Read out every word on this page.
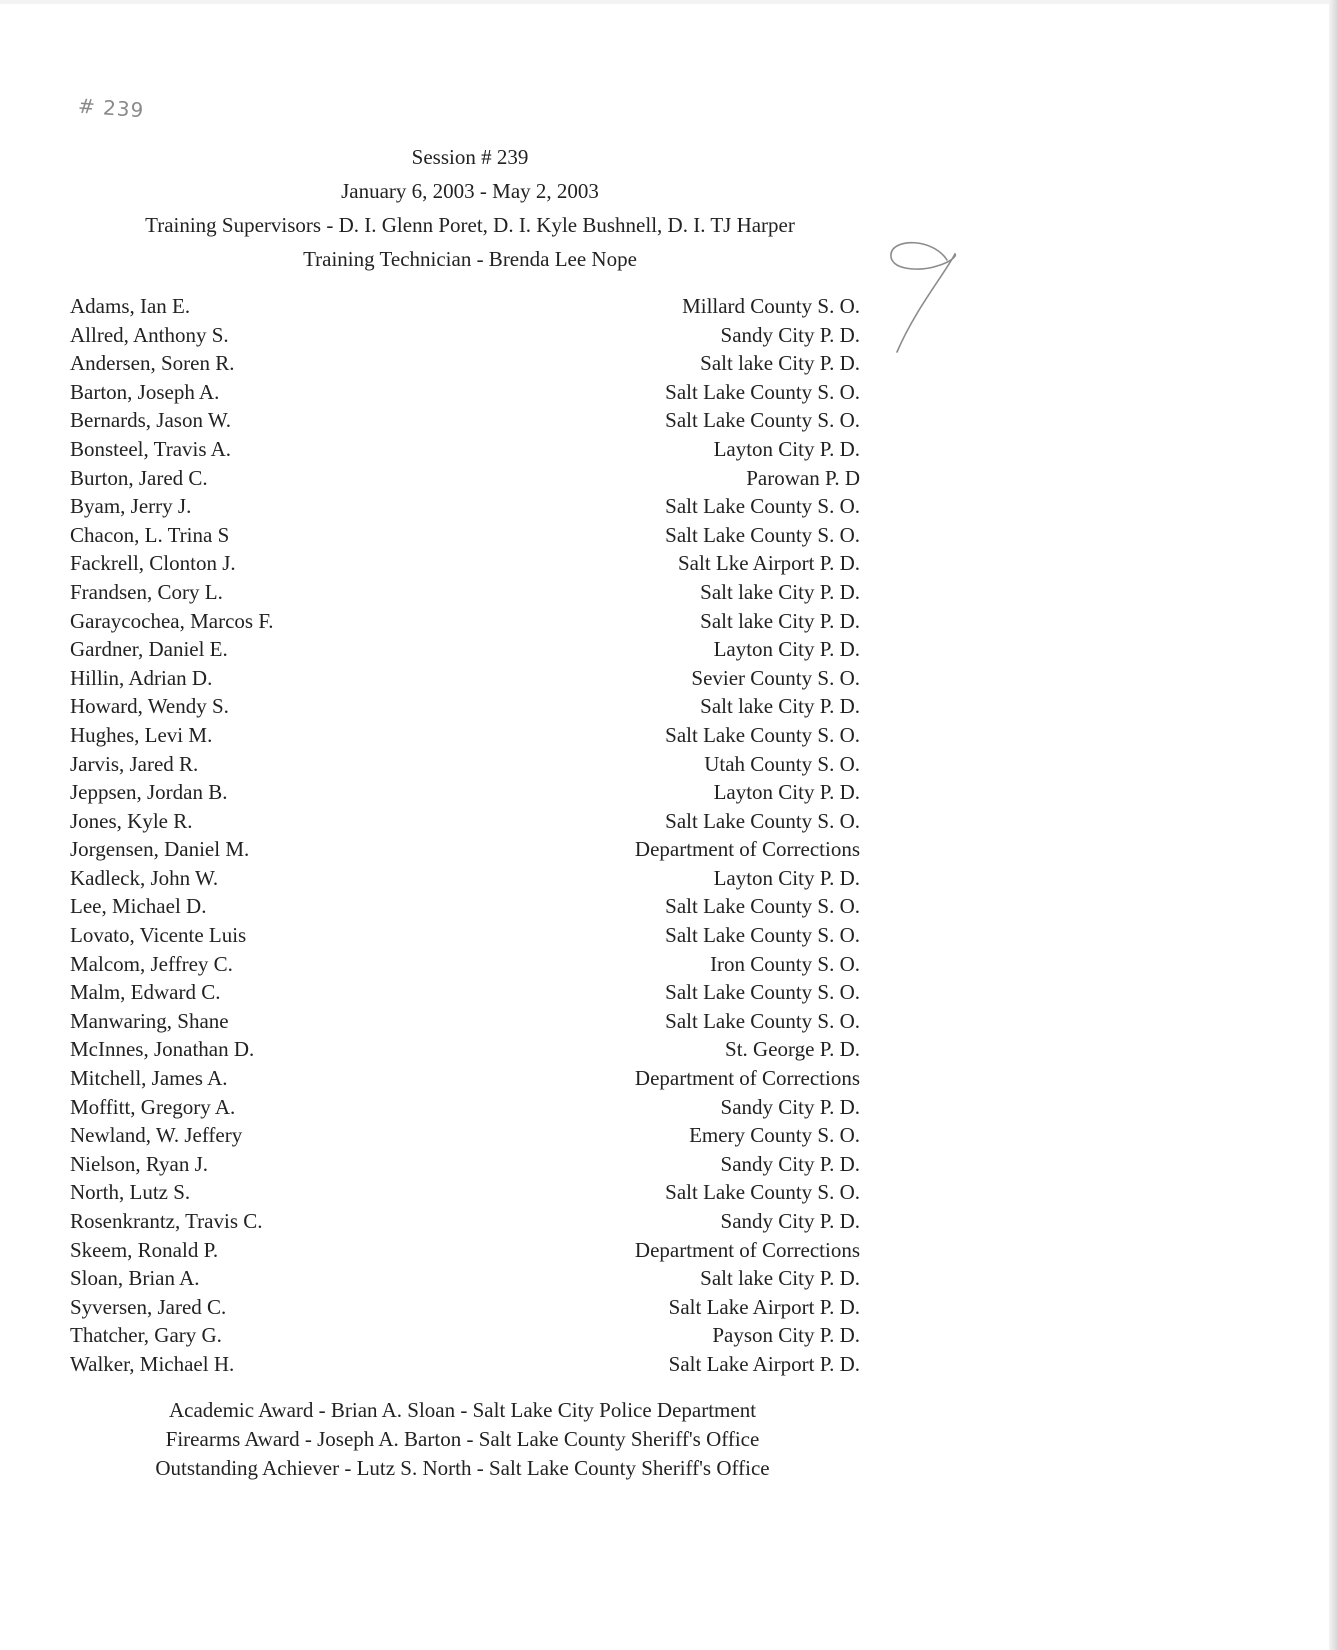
# 239
Session # 239
January 6, 2003 - May 2, 2003
Training Supervisors - D. I. Glenn Poret, D. I. Kyle Bushnell, D. I. TJ Harper
Training Technician - Brenda Lee Nope
Adams, Ian E.	Millard County S. O.
Allred, Anthony S.	Sandy City P. D.
Andersen, Soren R.	Salt lake City P. D.
Barton, Joseph A.	Salt Lake County S. O.
Bernards, Jason W.	Salt Lake County S. O.
Bonsteel, Travis A.	Layton City P. D.
Burton, Jared C.	Parowan P. D
Byam, Jerry J.	Salt Lake County S. O.
Chacon, L. Trina S	Salt Lake County S. O.
Fackrell, Clonton J.	Salt Lke Airport P. D.
Frandsen, Cory L.	Salt lake City P. D.
Garaycochea, Marcos F.	Salt lake City P. D.
Gardner, Daniel E.	Layton City P. D.
Hillin, Adrian D.	Sevier County S. O.
Howard, Wendy S.	Salt lake City P. D.
Hughes, Levi M.	Salt Lake County S. O.
Jarvis, Jared R.	Utah County S. O.
Jeppsen, Jordan B.	Layton City P. D.
Jones, Kyle R.	Salt Lake County S. O.
Jorgensen, Daniel M.	Department of Corrections
Kadleck, John W.	Layton City P. D.
Lee, Michael D.	Salt Lake County S. O.
Lovato, Vicente Luis	Salt Lake County S. O.
Malcom, Jeffrey C.	Iron County S. O.
Malm, Edward C.	Salt Lake County S. O.
Manwaring, Shane	Salt Lake County S. O.
McInnes, Jonathan D.	St. George P. D.
Mitchell, James A.	Department of Corrections
Moffitt, Gregory A.	Sandy City P. D.
Newland, W. Jeffery	Emery County S. O.
Nielson, Ryan J.	Sandy City P. D.
North, Lutz S.	Salt Lake County S. O.
Rosenkrantz, Travis C.	Sandy City P. D.
Skeem, Ronald P.	Department of Corrections
Sloan, Brian A.	Salt lake City P. D.
Syversen, Jared C.	Salt Lake Airport P. D.
Thatcher, Gary G.	Payson City P. D.
Walker, Michael H.	Salt Lake Airport P. D.
Academic Award - Brian A. Sloan - Salt Lake City Police Department
Firearms Award - Joseph A. Barton - Salt Lake County Sheriff's Office
Outstanding Achiever - Lutz S. North - Salt Lake County Sheriff's Office
